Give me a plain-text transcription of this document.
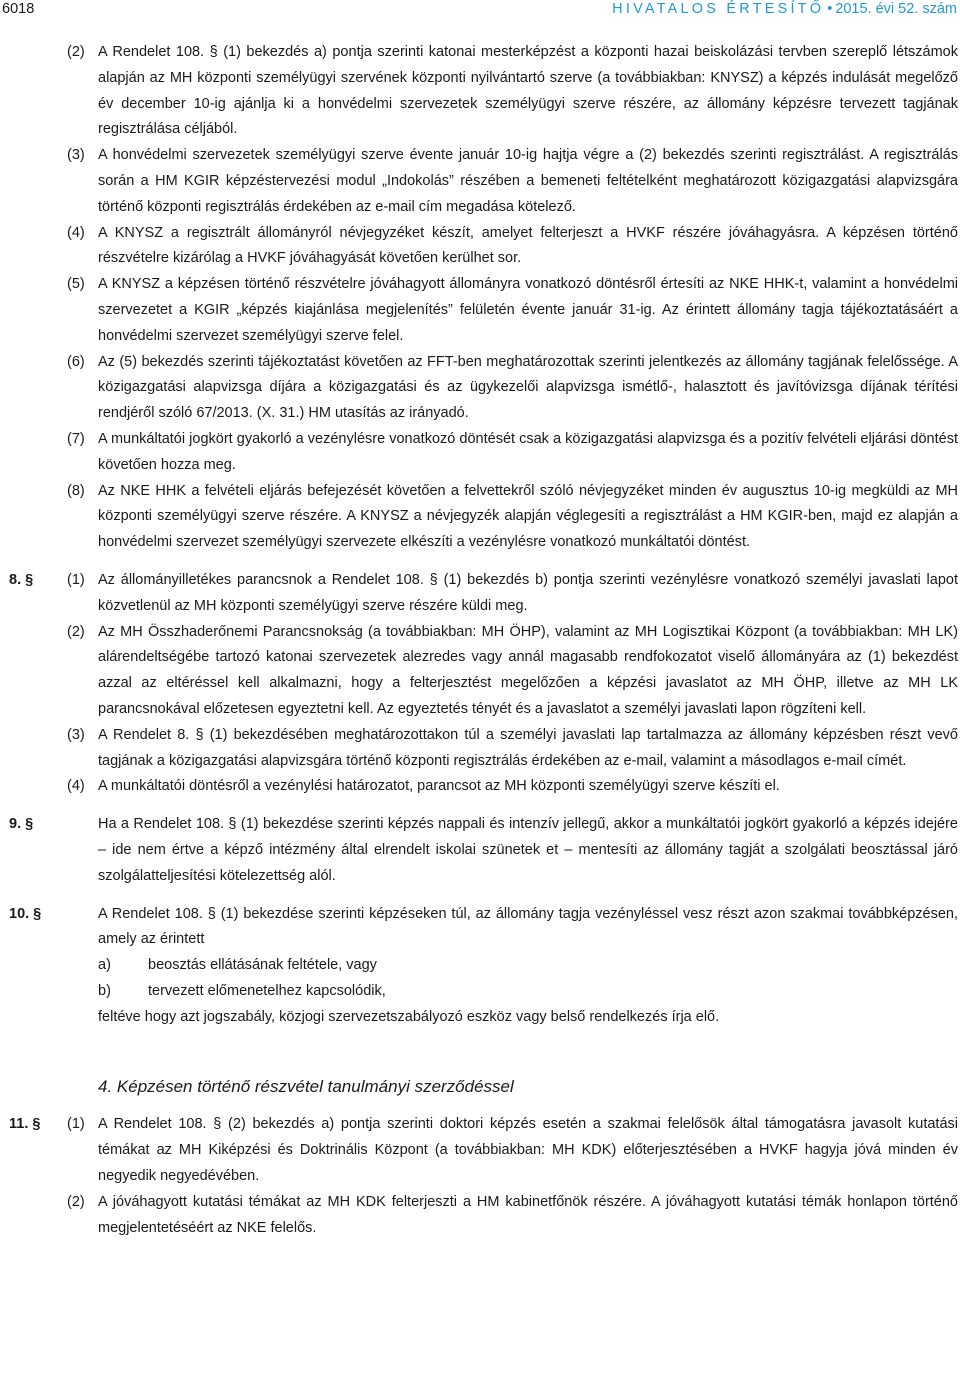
6018	HIVATALOS ÉRTESÍTŐ • 2015. évi 52. szám
(2) A Rendelet 108. § (1) bekezdés a) pontja szerinti katonai mesterképzést a központi hazai beiskolázási tervben szereplő létszámok alapján az MH központi személyügyi szervének központi nyilvántartó szerve (a továbbiakban: KNYSZ) a képzés indulását megelőző év december 10-ig ajánlja ki a honvédelmi szervezetek személyügyi szerve részére, az állomány képzésre tervezett tagjának regisztrálása céljából.
(3) A honvédelmi szervezetek személyügyi szerve évente január 10-ig hajtja végre a (2) bekezdés szerinti regisztrálást. A regisztrálás során a HM KGIR képzéstervezési modul „Indokolás” részében a bemeneti feltételként meghatározott közigazgatási alapvizsgára történő központi regisztrálás érdekében az e-mail cím megadása kötelező.
(4) A KNYSZ a regisztrált állományról névjegyzéket készít, amelyet felterjeszt a HVKF részére jóváhagyásra. A képzésen történő részvételre kizárólag a HVKF jóváhagyását követően kerülhet sor.
(5) A KNYSZ a képzésen történő részvételre jóváhagyott állományra vonatkozó döntésről értesíti az NKE HHK-t, valamint a honvédelmi szervezetet a KGIR „képzés kiajánlása megjelenítés” felületén évente január 31-ig. Az érintett állomány tagja tájékoztatásáért a honvédelmi szervezet személyügyi szerve felel.
(6) Az (5) bekezdés szerinti tájékoztatást követően az FFT-ben meghatározottak szerinti jelentkezés az állomány tagjának felelőssége. A közigazgatási alapvizsga díjára a közigazgatási és az ügykezelői alapvizsga ismétlő-, halasztott és javítóvizsga díjának térítési rendjéről szóló 67/2013. (X. 31.) HM utasítás az irányadó.
(7) A munkáltatói jogkört gyakorló a vezénylésre vonatkozó döntését csak a közigazgatási alapvizsga és a pozitív felvételi eljárási döntést követően hozza meg.
(8) Az NKE HHK a felvételi eljárás befejezését követően a felvettekről szóló névjegyzéket minden év augusztus 10-ig megküldi az MH központi személyügyi szerve részére. A KNYSZ a névjegyzék alapján véglegesíti a regisztrálást a HM KGIR-ben, majd ez alapján a honvédelmi szervezet személyügyi szervezete elkészíti a vezénylésre vonatkozó munkáltatói döntést.
8. § (1) Az állományilletékes parancsnok a Rendelet 108. § (1) bekezdés b) pontja szerinti vezénylésre vonatkozó személyi javaslati lapot közvetlenül az MH központi személyügyi szerve részére küldi meg.
(2) Az MH Összhaderőnemi Parancsnokság (a továbbiakban: MH ÖHP), valamint az MH Logisztikai Központ (a továbbiakban: MH LK) alárendeltségébe tartozó katonai szervezetek alezredes vagy annál magasabb rendfokozatot viselő állományára az (1) bekezdést azzal az eltéréssel kell alkalmazni, hogy a felterjesztést megelőzően a képzési javaslatot az MH ÖHP, illetve az MH LK parancsnokával előzetesen egyeztetni kell. Az egyeztetés tényét és a javaslatot a személyi javaslati lapon rögzíteni kell.
(3) A Rendelet 8. § (1) bekezdésében meghatározottakon túl a személyi javaslati lap tartalmazza az állomány képzésben részt vevő tagjának a közigazgatási alapvizsgára történő központi regisztrálás érdekében az e-mail, valamint a másodlagos e-mail címét.
(4) A munkáltatói döntésről a vezénylési határozatot, parancsot az MH központi személyügyi szerve készíti el.
9. §	Ha a Rendelet 108. § (1) bekezdése szerinti képzés nappali és intenzív jellegű, akkor a munkáltatói jogkört gyakorló a képzés idejére – ide nem értve a képző intézmény által elrendelt iskolai szünetek et – mentesíti az állomány tagját a szolgálati beosztással járó szolgálatteljesítési kötelezettség alól.
10. §	A Rendelet 108. § (1) bekezdése szerinti képzéseken túl, az állomány tagja vezényléssel vesz részt azon szakmai továbbképzésen, amely az érintett
a)	beosztás ellátásának feltétele, vagy
b)	tervezett előmenetelhez kapcsolódik,
feltéve hogy azt jogszabály, közjogi szervezetszabályozó eszköz vagy belső rendelkezés írja elő.
4. Képzésen történő részvétel tanulmányi szerződéssel
11. § (1) A Rendelet 108. § (2) bekezdés a) pontja szerinti doktori képzés esetén a szakmai felelősök által támogatásra javasolt kutatási témákat az MH Kiképzési és Doktrinális Központ (a továbbiakban: MH KDK) előterjesztésében a HVKF hagyja jóvá minden év negyedik negyedévében.
(2) A jóváhagyott kutatási témákat az MH KDK felterjeszti a HM kabinetfőnök részére. A jóváhagyott kutatási témák honlapon történő megjelentetéséért az NKE felelős.
